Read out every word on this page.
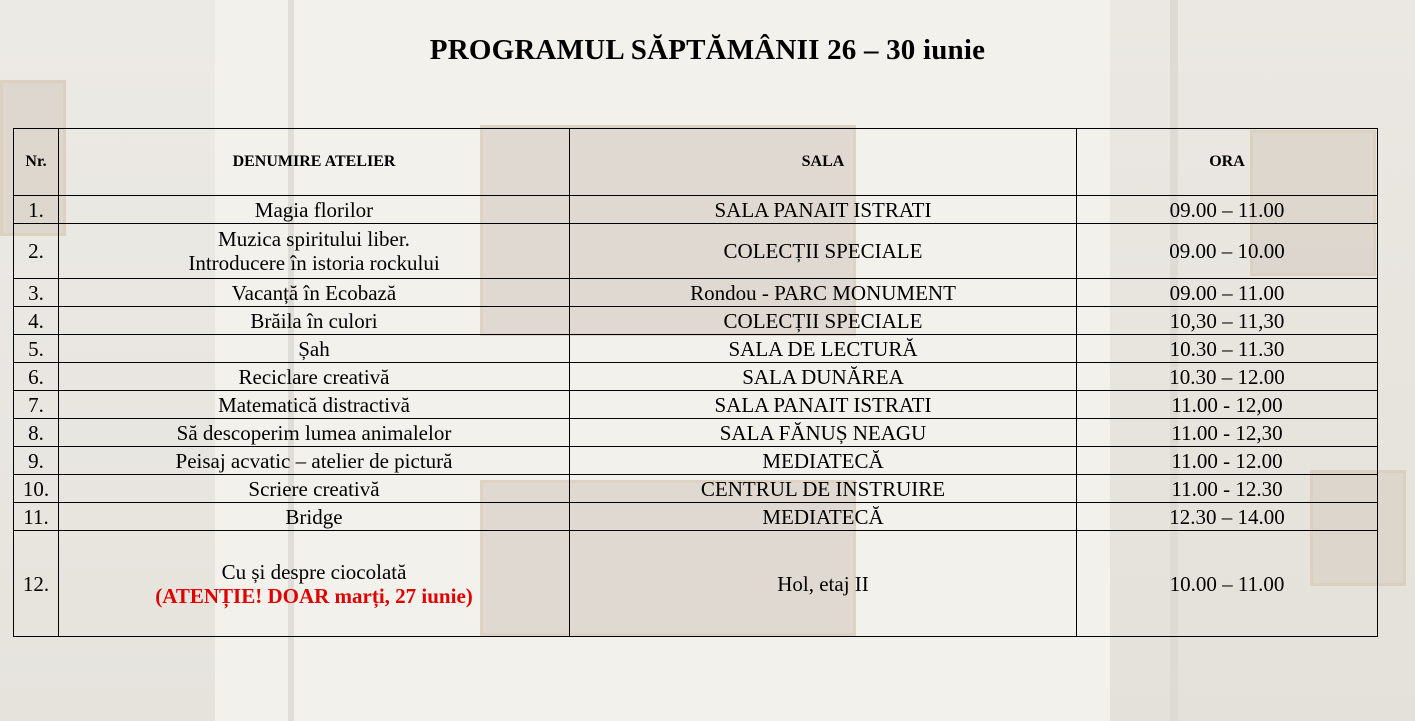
PROGRAMUL SĂPTĂMÂNII 26 – 30 iunie
Nr.	DENUMIRE ATELIER	SALA	ORA
1.	Magia florilor	SALA PANAIT ISTRATI	09.00 – 11.00
2.	Muzica spiritului liber.
Introducere în istoria rockului	COLECȚII SPECIALE	09.00 – 10.00
3.	Vacanță în Ecobază	Rondou - PARC MONUMENT	09.00 – 11.00
4.	Brăila în culori	COLECȚII SPECIALE	10,30 – 11,30
5.	Șah	SALA DE LECTURĂ	10.30 – 11.30
6.	Reciclare creativă	SALA DUNĂREA	10.30 – 12.00
7.	Matematică distractivă	SALA PANAIT ISTRATI	11.00 - 12,00
8.	Să descoperim lumea animalelor	SALA FĂNUȘ NEAGU	11.00 - 12,30
9.	Peisaj acvatic – atelier de pictură	MEDIATECĂ	11.00 - 12.00
10.	Scriere creativă	CENTRUL DE INSTRUIRE	11.00 - 12.30
11.	Bridge	MEDIATECĂ	12.30 – 14.00
12.	Cu și despre ciocolată
(ATENȚIE! DOAR marți, 27 iunie)	Hol, etaj II	10.00 – 11.00
